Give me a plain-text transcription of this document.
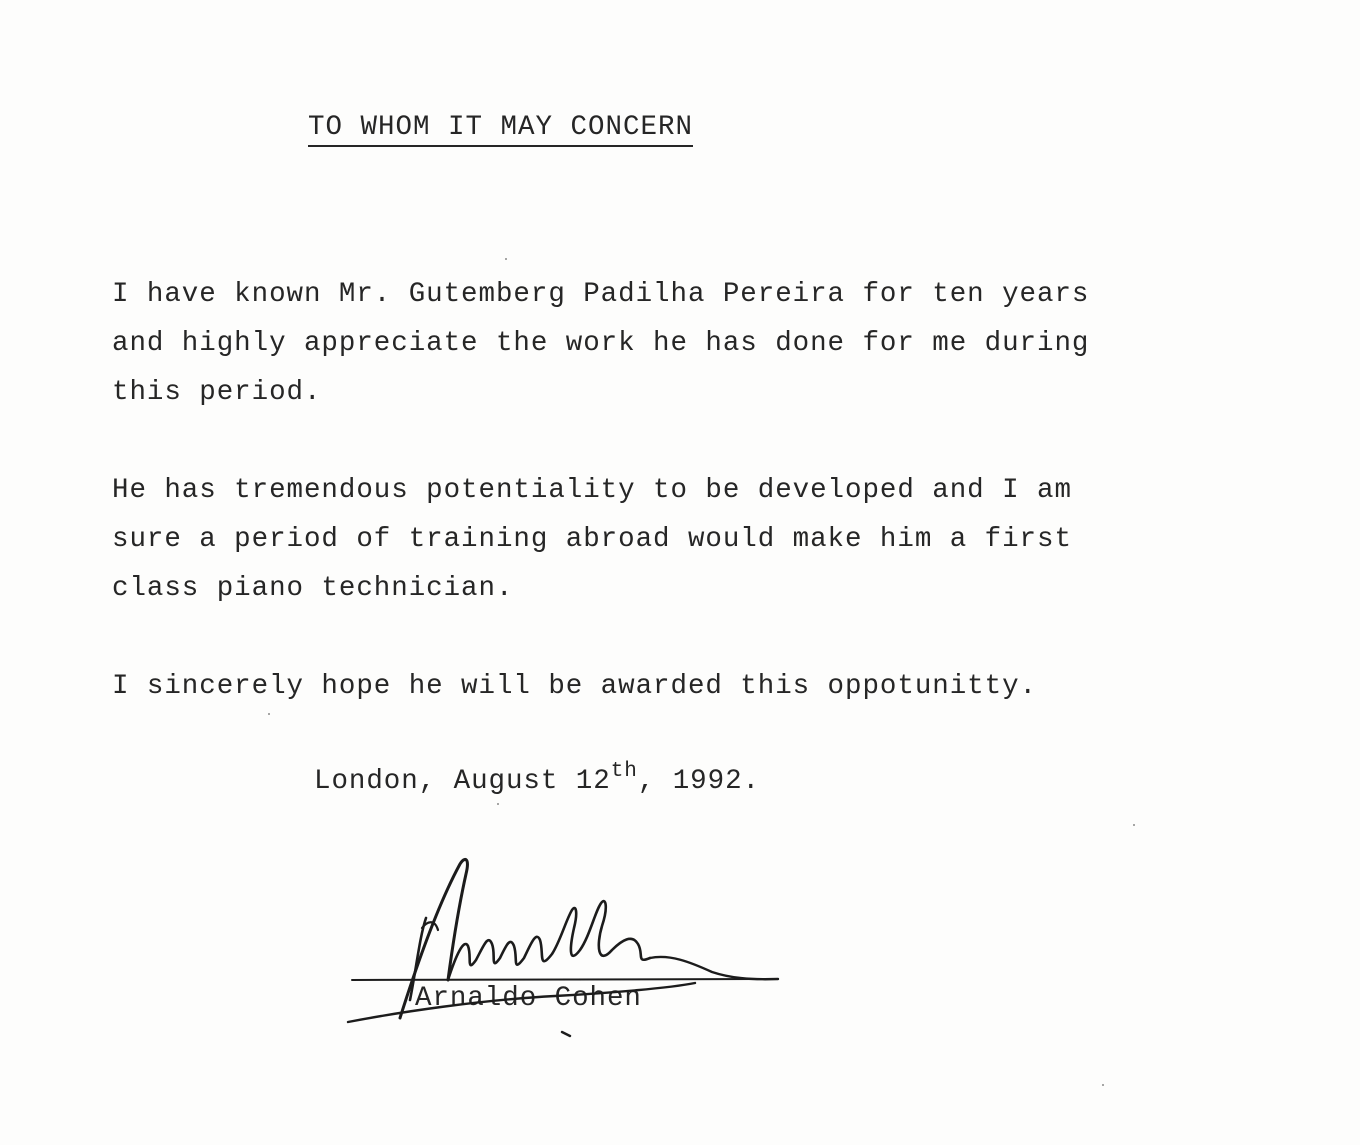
TO WHOM IT MAY CONCERN
I have known Mr. Gutemberg Padilha Pereira for ten years
and highly appreciate the work he has done for me during
this period.
He has tremendous potentiality to be developed and I am
sure a period of training abroad would make him a first
class piano technician.
I sincerely hope he will be awarded this oppotunitty.
London, August 12th, 1992.
Arnaldo Cohen
